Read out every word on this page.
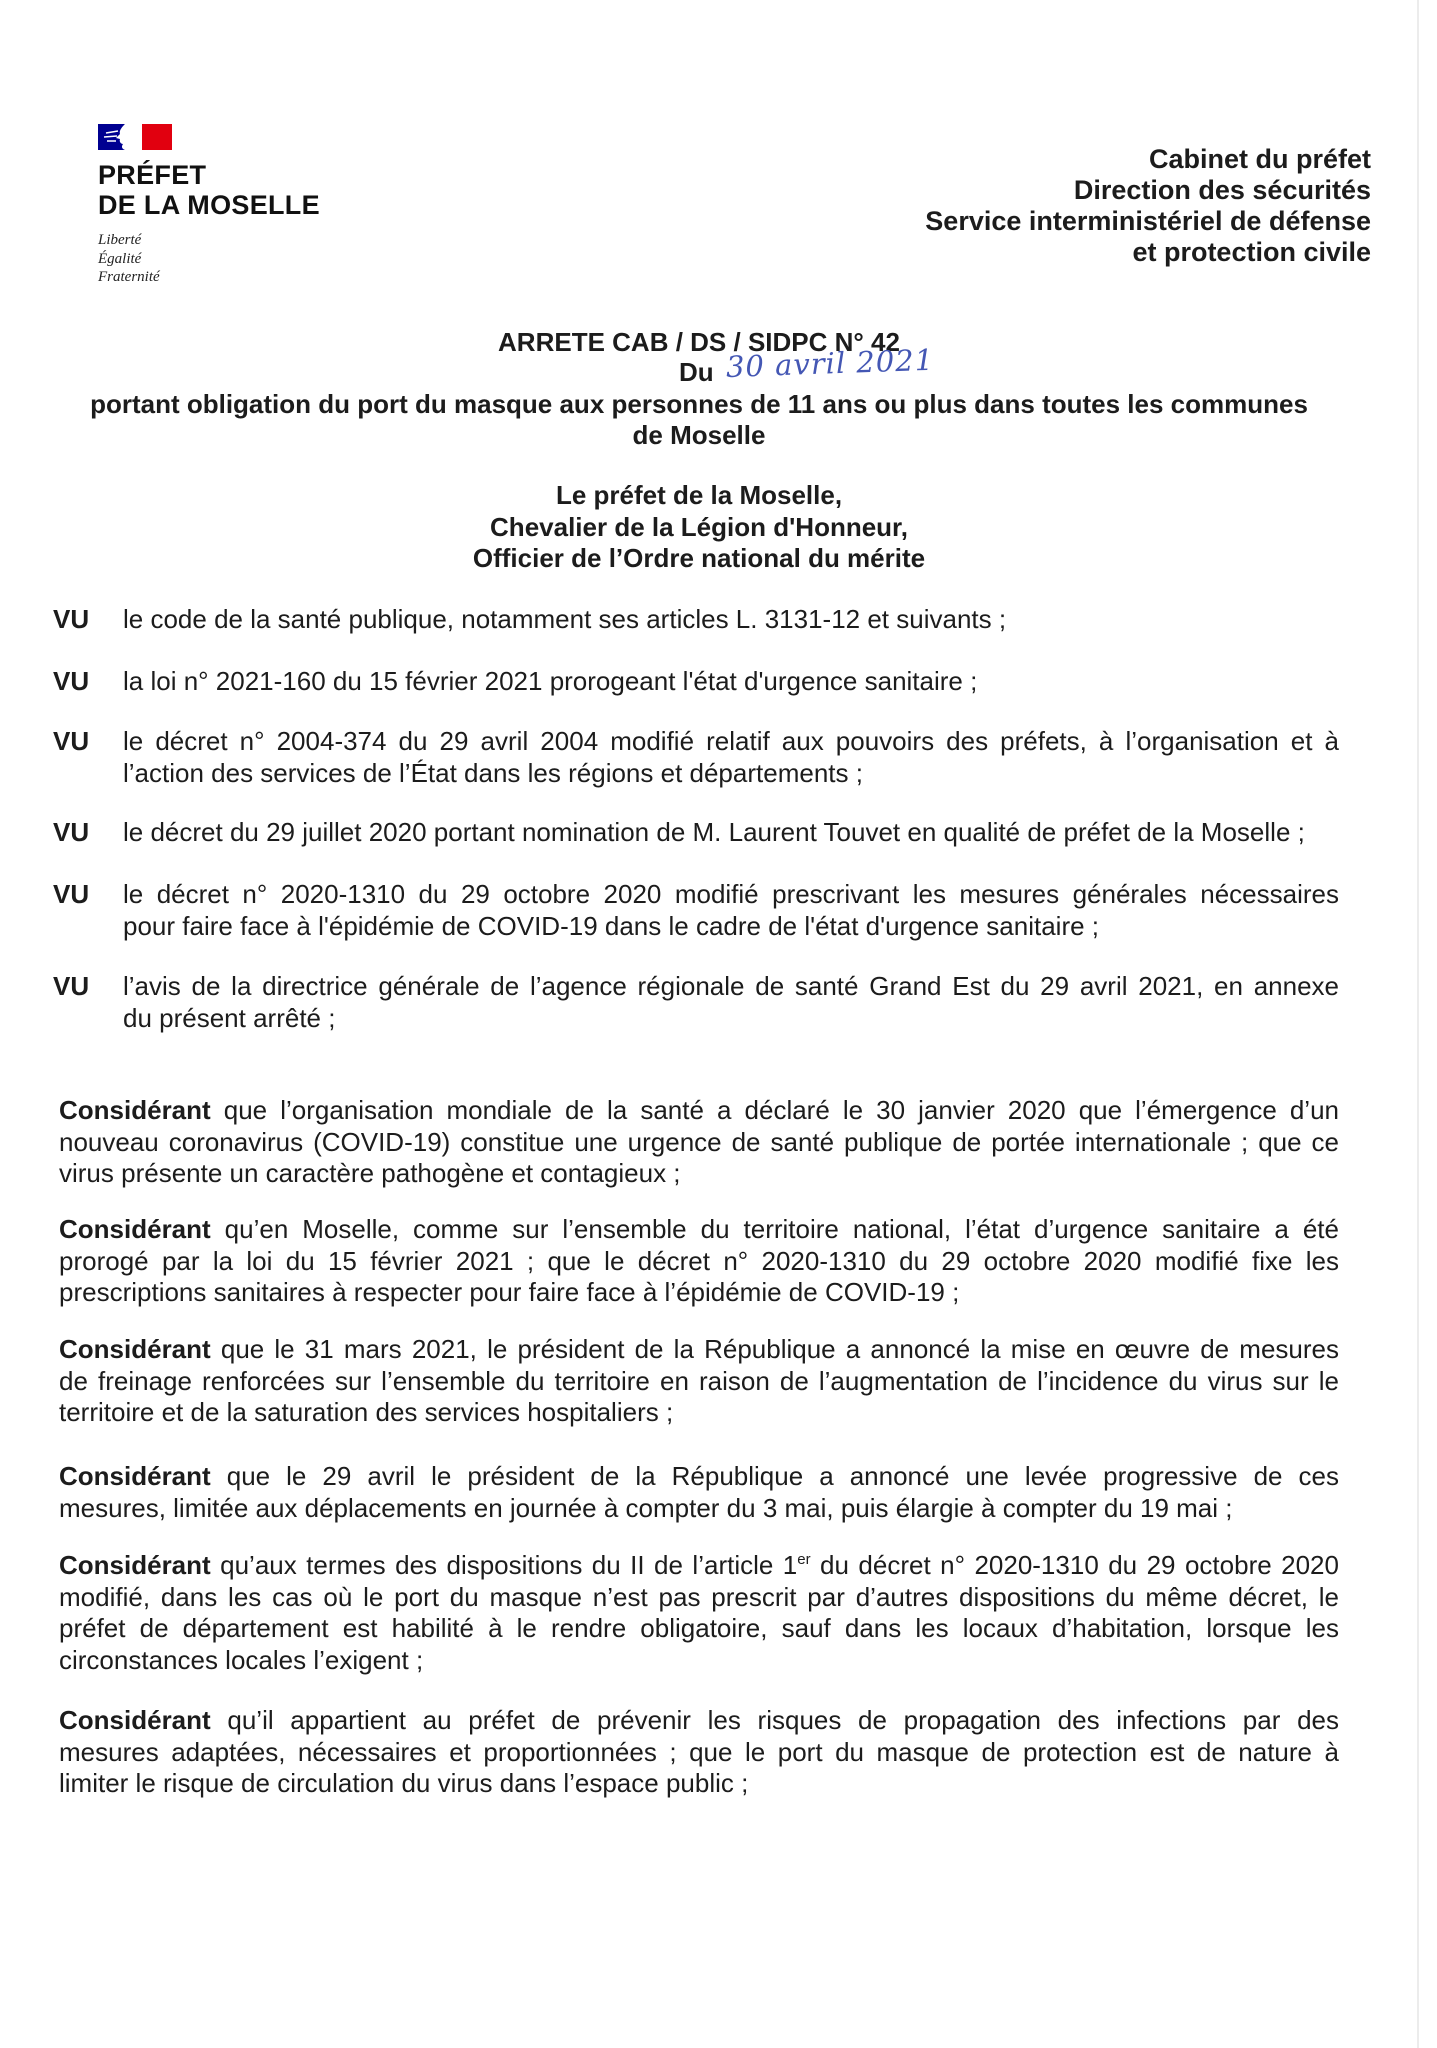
PRÉFET
DE LA MOSELLE
Liberté
Égalité
Fraternité
Cabinet du préfet
Direction des sécurités
Service interministériel de défense
et protection civile
ARRETE CAB / DS / SIDPC N° 42
Du 30 avril 2021
portant obligation du port du masque aux personnes de 11 ans ou plus dans toutes les communes
de Moselle
Le préfet de la Moselle,
Chevalier de la Légion d'Honneur,
Officier de l’Ordre national du mérite
VU le code de la santé publique, notamment ses articles L. 3131-12 et suivants ;
VU la loi n° 2021-160 du 15 février 2021 prorogeant l'état d'urgence sanitaire ;
VU le décret n° 2004-374 du 29 avril 2004 modifié relatif aux pouvoirs des préfets, à l’organisation et à
l’action des services de l’État dans les régions et départements ;
VU le décret du 29 juillet 2020 portant nomination de M. Laurent Touvet en qualité de préfet de la Moselle ;
VU le décret n° 2020-1310 du 29 octobre 2020 modifié prescrivant les mesures générales nécessaires
pour faire face à l'épidémie de COVID-19 dans le cadre de l'état d'urgence sanitaire ;
VU l’avis de la directrice générale de l’agence régionale de santé Grand Est du 29 avril 2021, en annexe
du présent arrêté ;
Considérant que l’organisation mondiale de la santé a déclaré le 30 janvier 2020 que l’émergence d’un
nouveau coronavirus (COVID-19) constitue une urgence de santé publique de portée internationale ; que ce
virus présente un caractère pathogène et contagieux ;
Considérant qu’en Moselle, comme sur l’ensemble du territoire national, l’état d’urgence sanitaire a été
prorogé par la loi du 15 février 2021 ; que le décret n° 2020-1310 du 29 octobre 2020 modifié fixe les
prescriptions sanitaires à respecter pour faire face à l’épidémie de COVID-19 ;
Considérant que le 31 mars 2021, le président de la République a annoncé la mise en œuvre de mesures
de freinage renforcées sur l’ensemble du territoire en raison de l’augmentation de l’incidence du virus sur le
territoire et de la saturation des services hospitaliers ;
Considérant que le 29 avril le président de la République a annoncé une levée progressive de ces
mesures, limitée aux déplacements en journée à compter du 3 mai, puis élargie à compter du 19 mai ;
Considérant qu’aux termes des dispositions du II de l’article 1er du décret n° 2020-1310 du 29 octobre 2020
modifié, dans les cas où le port du masque n’est pas prescrit par d’autres dispositions du même décret, le
préfet de département est habilité à le rendre obligatoire, sauf dans les locaux d’habitation, lorsque les
circonstances locales l’exigent ;
Considérant qu’il appartient au préfet de prévenir les risques de propagation des infections par des
mesures adaptées, nécessaires et proportionnées ; que le port du masque de protection est de nature à
limiter le risque de circulation du virus dans l’espace public ;
